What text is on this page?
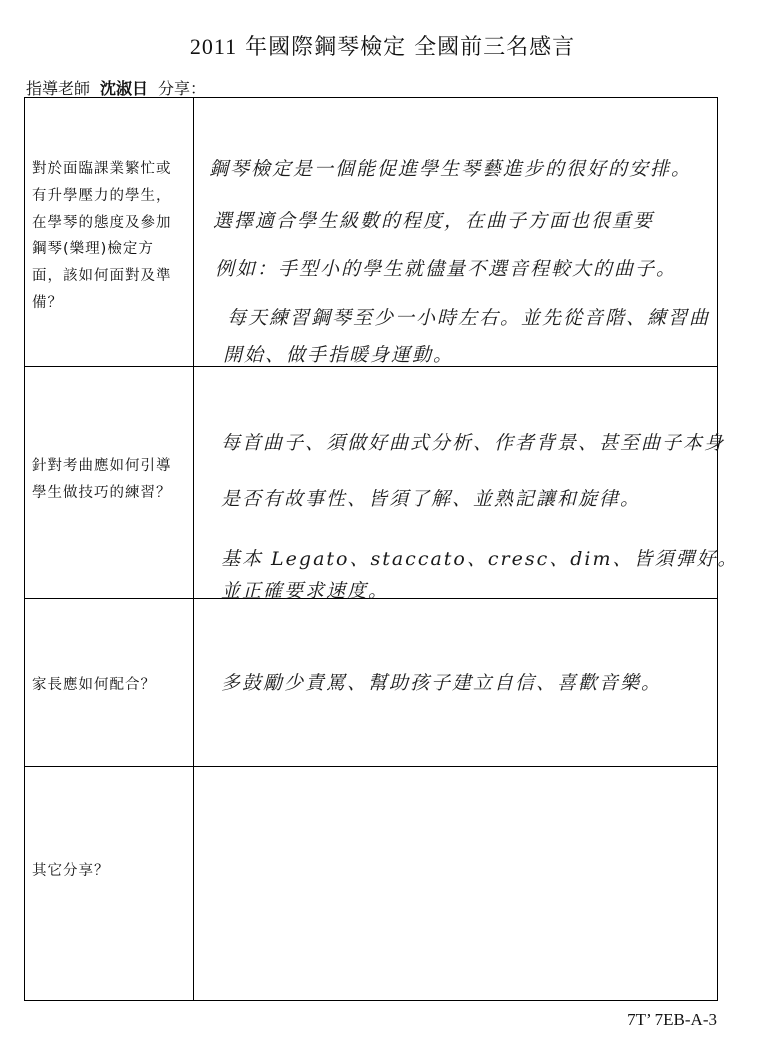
2011 年國際鋼琴檢定 全國前三名感言
指導老師 沈淑日 分享：
對於面臨課業繁忙或有升學壓力的學生，在學琴的態度及參加鋼琴(樂理)檢定方面，該如何面對及準備？
鋼琴檢定是一個能促進學生琴藝進步的很好的安排。
選擇適合學生級數的程度，在曲子方面也很重要
例如：手型小的學生就儘量不選音程較大的曲子。
每天練習鋼琴至少一小時左右。並先從音階、練習曲
開始、做手指暖身運動。
針對考曲應如何引導學生做技巧的練習？
每首曲子、須做好曲式分析、作者背景、甚至曲子本身
是否有故事性、皆須了解、並熟記讓和旋律。
基本 Legato、staccato、cresc、dim、皆須彈好。
並正確要求速度。
家長應如何配合？	多鼓勵少責罵、幫助孩子建立自信、喜歡音樂。
其它分享？
7T’ 7EB-A-3
